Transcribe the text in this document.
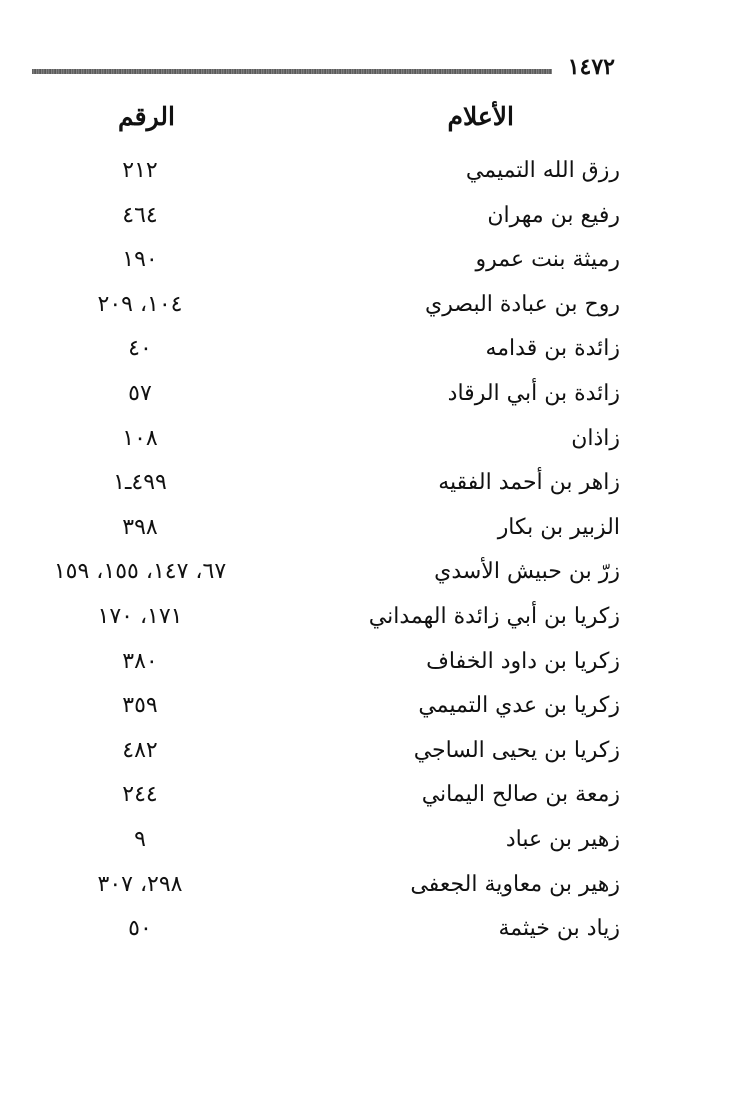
١٤٧٢
الأعلام
الرقم
رزق الله التميمي
٢١٢
رفيع بن مهران
٤٦٤
رميثة بنت عمرو
١٩٠
روح بن عبادة البصري
١٠٤، ٢٠٩
زائدة بن قدامه
٤٠
زائدة بن أبي الرقاد
٥٧
زاذان
١٠٨
زاهر بن أحمد الفقيه
٤٩٩ـ١
الزبير بن بكار
٣٩٨
زرّ بن حبيش الأسدي
٦٧، ١٤٧، ١٥٥، ١٥٩
زكريا بن أبي زائدة الهمداني
١٧١، ١٧٠
زكريا بن داود الخفاف
٣٨٠
زكريا بن عدي التميمي
٣٥٩
زكريا بن يحيى الساجي
٤٨٢
زمعة بن صالح اليماني
٢٤٤
زهير بن عباد
٩
زهير بن معاوية الجعفى
٢٩٨، ٣٠٧
زياد بن خيثمة
٥٠
